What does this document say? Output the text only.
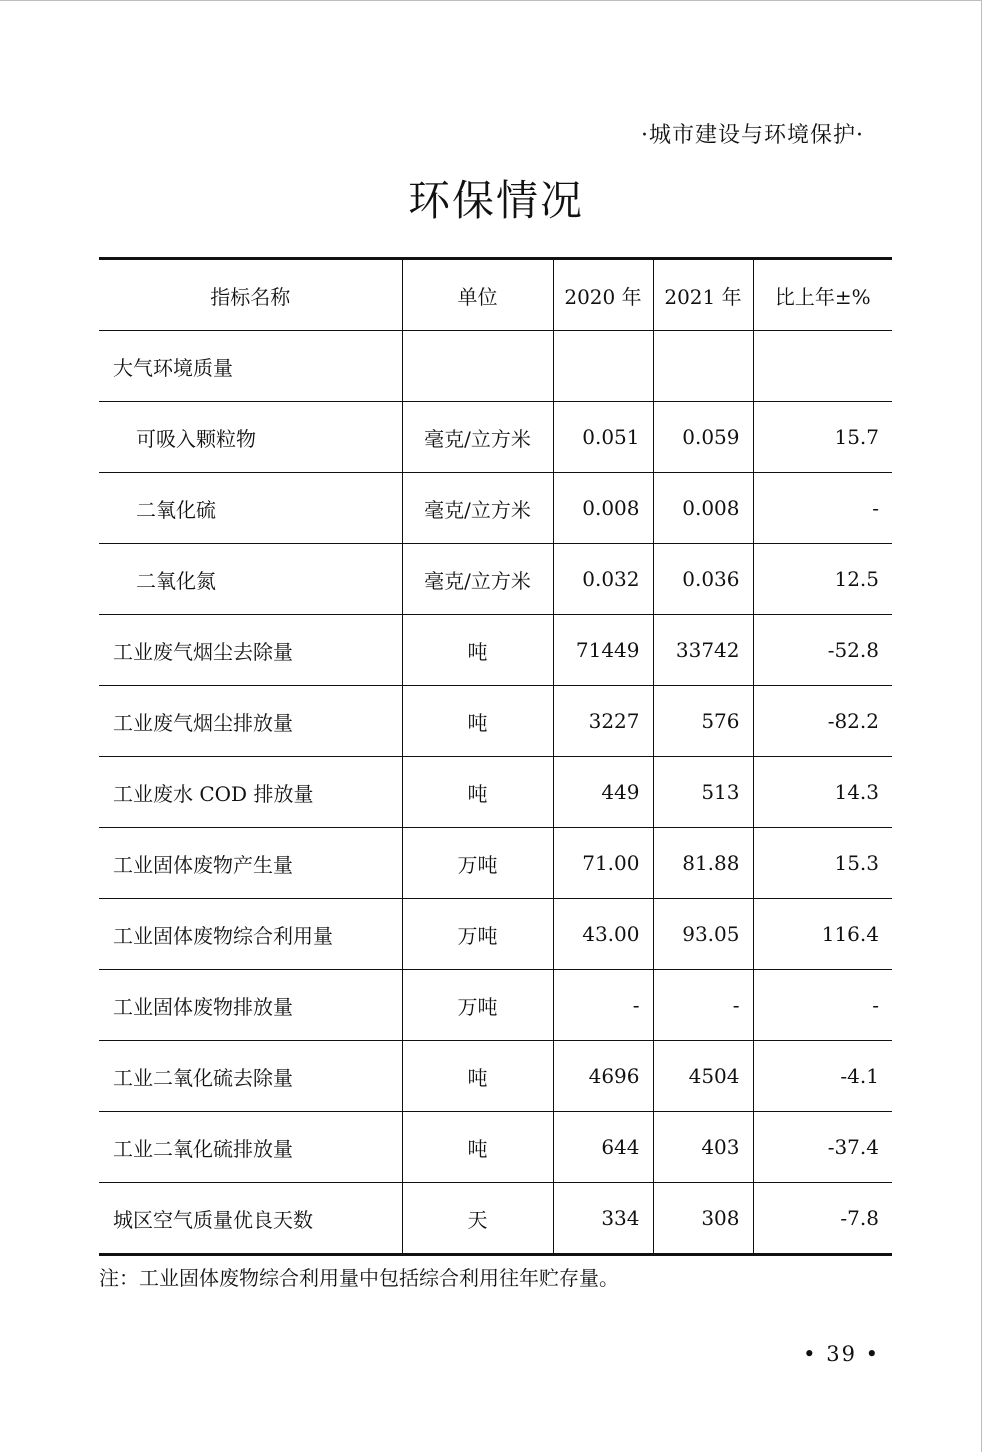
·城市建设与环境保护·
环保情况
指标名称	单位	2020 年	2021 年	比上年±%
大气环境质量				
可吸入颗粒物	毫克/立方米	0.051	0.059	15.7
二氧化硫	毫克/立方米	0.008	0.008	-
二氧化氮	毫克/立方米	0.032	0.036	12.5
工业废气烟尘去除量	吨	71449	33742	-52.8
工业废气烟尘排放量	吨	3227	576	-82.2
工业废水 COD 排放量	吨	449	513	14.3
工业固体废物产生量	万吨	71.00	81.88	15.3
工业固体废物综合利用量	万吨	43.00	93.05	116.4
工业固体废物排放量	万吨	-	-	-
工业二氧化硫去除量	吨	4696	4504	-4.1
工业二氧化硫排放量	吨	644	403	-37.4
城区空气质量优良天数	天	334	308	-7.8
注：工业固体废物综合利用量中包括综合利用往年贮存量。
• 39 •
